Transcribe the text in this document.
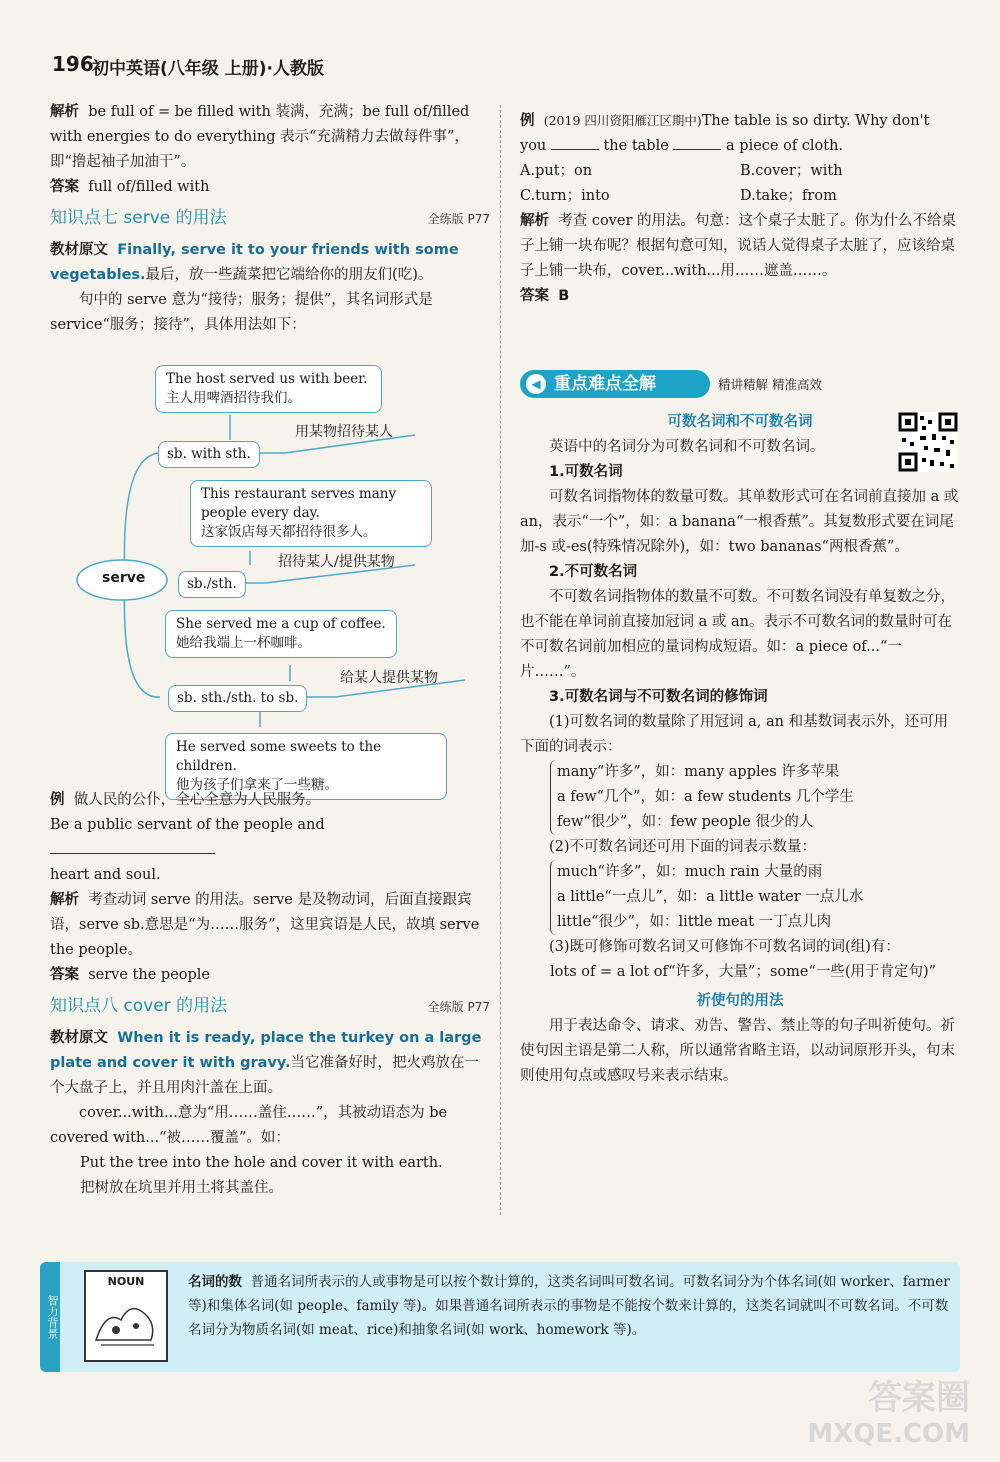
196
初中英语(八年级 上册)·人教版

解析 be full of = be filled with 装满，充满；be full of/filled with energies to do everything 表示“充满精力去做每件事”，即“撸起袖子加油干”。

答案 full of/filled with

知识点七 serve 的用法	全练版 P77

教材原文 Finally, serve it to your friends with some vegetables.最后，放一些蔬菜把它端给你的朋友们(吃)。

句中的 serve 意为“接待；服务；提供”，其名词形式是 service“服务；接待”，具体用法如下：

serve
The host served us with beer.
主人用啤酒招待我们。
sb. with sth.
用某物招待某人
This restaurant serves many people every day.
这家饭店每天都招待很多人。
sb./sth.
招待某人/提供某物
She served me a cup of coffee.
她给我端上一杯咖啡。
sb. sth./sth. to sb.
给某人提供某物
He served some sweets to the children.
他为孩子们拿来了一些糖。

例 做人民的公仆，全心全意为人民服务。

Be a public servant of the people and

heart and soul.

解析 考查动词 serve 的用法。serve 是及物动词，后面直接跟宾语，serve sb.意思是“为……服务”，这里宾语是人民，故填 serve the people。

答案 serve the people

知识点八 cover 的用法	全练版 P77

教材原文 When it is ready, place the turkey on a large plate and cover it with gravy.当它准备好时，把火鸡放在一个大盘子上，并且用肉汁盖在上面。

cover...with...意为“用……盖住……”，其被动语态为 be covered with...“被……覆盖”。如：

Put the tree into the hole and cover it with earth.

把树放在坑里并用土将其盖住。

例 (2019 四川资阳雁江区期中)The table is so dirty. Why don't you	the table	a piece of cloth.

A.put；on	B.cover；with
C.turn；into	D.take；from

解析 考查 cover 的用法。句意：这个桌子太脏了。你为什么不给桌子上铺一块布呢？根据句意可知，说话人觉得桌子太脏了，应该给桌子上铺一块布，cover...with...用……遮盖……。

答案 B

◀ 重点难点全解	精讲精解 精准高效
可数名词和不可数名词

英语中的名词分为可数名词和不可数名词。

1.可数名词

可数名词指物体的数量可数。其单数形式可在名词前直接加 a 或 an，表示“一个”，如：a banana“一根香蕉”。其复数形式要在词尾加-s 或-es(特殊情况除外)，如：two bananas“两根香蕉”。

2.不可数名词

不可数名词指物体的数量不可数。不可数名词没有单复数之分，也不能在单词前直接加冠词 a 或 an。表示不可数名词的数量时可在不可数名词前加相应的量词构成短语。如：a piece of...“一片……”。

3.可数名词与不可数名词的修饰词

(1)可数名词的数量除了用冠词 a, an 和基数词表示外，还可用下面的词表示：

many“许多”，如：many apples 许多苹果

a few“几个”，如：a few students 几个学生

few“很少”，如：few people 很少的人

(2)不可数名词还可用下面的词表示数量：

much“许多”，如：much rain 大量的雨

a little“一点儿”，如：a little water 一点儿水

little“很少”，如：little meat 一丁点儿肉

(3)既可修饰可数名词又可修饰不可数名词的词(组)有：

lots of = a lot of“许多，大量”；some“一些(用于肯定句)”

祈使句的用法

用于表达命令、请求、劝告、警告、禁止等的句子叫祈使句。祈使句因主语是第二人称，所以通常省略主语，以动词原形开头，句末则使用句点或感叹号来表示结束。

智力背景
NOUN	名词的数 普通名词所表示的人或事物是可以按个数计算的，这类名词叫可数名词。可数名词分为个体名词(如 worker、farmer 等)和集体名词(如 people、family 等)。如果普通名词所表示的事物是不能按个数来计算的，这类名词就叫不可数名词。不可数名词分为物质名词(如 meat、rice)和抽象名词(如 work、homework 等)。
答案圈
MXQE.COM
